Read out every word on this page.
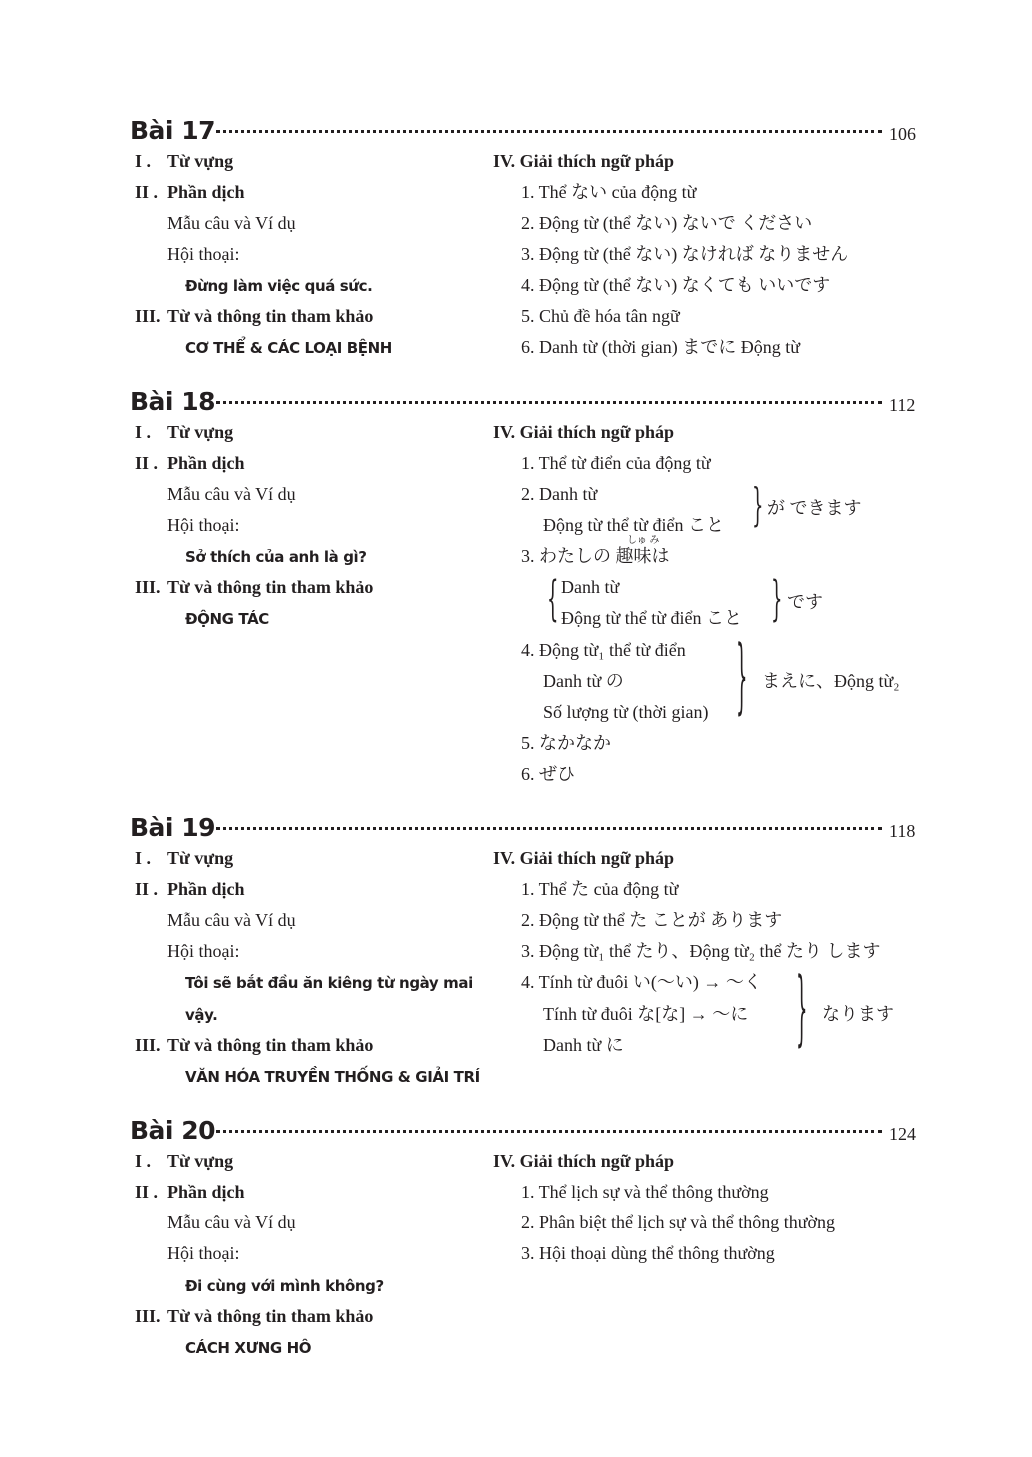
Bài 17	106
I . Từ vựng
II . Phần dịch
Mẫu câu và Ví dụ
Hội thoại:
Đừng làm việc quá sức.
III. Từ và thông tin tham khảo
CƠ THỂ & CÁC LOẠI BỆNH
IV. Giải thích ngữ pháp
1. Thể ない của động từ
2. Động từ (thể ない) ないで ください
3. Động từ (thể ない) なければ なりません
4. Động từ (thể ない) なくても いいです
5. Chủ đề hóa tân ngữ
6. Danh từ (thời gian) までに Động từ
Bài 18	112
I . Từ vựng
II . Phần dịch
Mẫu câu và Ví dụ
Hội thoại:
Sở thích của anh là gì?
III. Từ và thông tin tham khảo
ĐỘNG TÁC
IV. Giải thích ngữ pháp
1. Thể từ điển của động từ
2. Danh từ
Động từ thể từ điển こと } が できます
しゅ み
3. わたしの 趣味は
{ Danh từ
Động từ thể từ điển こと } です
4. Động từ₁ thể từ điển
Danh từ の
Số lượng từ (thời gian) } まえに、Động từ₂
5. なかなか
6. ぜひ
Bài 19	118
I . Từ vựng
II . Phần dịch
Mẫu câu và Ví dụ
Hội thoại:
Tôi sẽ bắt đầu ăn kiêng từ ngày mai
vậy.
III. Từ và thông tin tham khảo
VĂN HÓA TRUYỀN THỐNG & GIẢI TRÍ
IV. Giải thích ngữ pháp
1. Thể た của động từ
2. Động từ thể た ことが あります
3. Động từ₁ thể たり、Động từ₂ thể たり します
4. Tính từ đuôi い(〜い) → 〜く
Tính từ đuôi な[な] → 〜に
Danh từ に	} なります
Bài 20	124
I . Từ vựng
II . Phần dịch
Mẫu câu và Ví dụ
Hội thoại:
Đi cùng với mình không?
III. Từ và thông tin tham khảo
CÁCH XƯNG HÔ
IV. Giải thích ngữ pháp
1. Thể lịch sự và thể thông thường
2. Phân biệt thể lịch sự và thể thông thường
3. Hội thoại dùng thể thông thường
